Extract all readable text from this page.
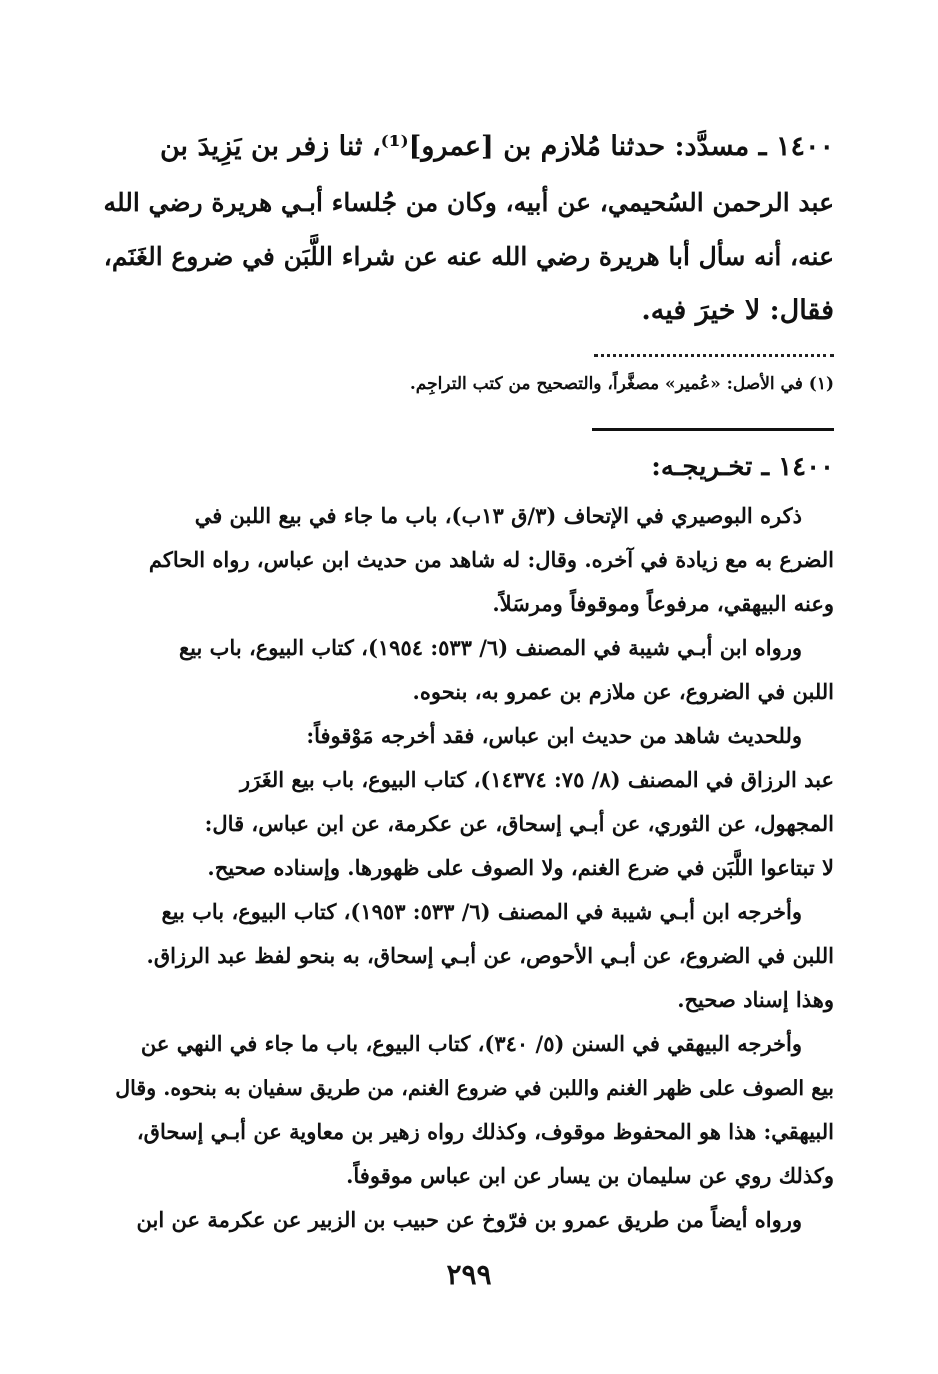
١٤٠٠ ـ مسدَّد: حدثنا مُلازم بن [عمرو]⁽¹⁾، ثنا زفر بن يَزِيدَ بن
عبد الرحمن السُحيمي، عن أبيه، وكان من جُلساء أبـي هريرة رضي الله
عنه، أنه سأل أبا هريرة رضي الله عنه عن شراء اللَّبَن في ضروع الغَنَم،
فقال: لا خيرَ فيه.
(١) في الأصل: «عُمير» مصغَّراً، والتصحيح من كتب التراجِم.
١٤٠٠ ـ تخـريجـه:
ذكره البوصيري في الإتحاف (٣/ق ١٣ب)، باب ما جاء في بيع اللبن في
الضرع به مع زيادة في آخره. وقال: له شاهد من حديث ابن عباس، رواه الحاكم
وعنه البيهقي، مرفوعاً وموقوفاً ومرسَلاً.
ورواه ابن أبـي شيبة في المصنف (٦/ ٥٣٣: ١٩٥٤)، كتاب البيوع، باب بيع
اللبن في الضروع، عن ملازم بن عمرو به، بنحوه.
وللحديث شاهد من حديث ابن عباس، فقد أخرجه مَوْقوفاً:
عبد الرزاق في المصنف (٨/ ٧٥: ١٤٣٧٤)، كتاب البيوع، باب بيع الغَرَر
المجهول، عن الثوري، عن أبـي إسحاق، عن عكرمة، عن ابن عباس، قال:
لا تبتاعوا اللَّبَن في ضرع الغنم، ولا الصوف على ظهورها. وإسناده صحيح.
وأخرجه ابن أبـي شيبة في المصنف (٦/ ٥٣٣: ١٩٥٣)، كتاب البيوع، باب بيع
اللبن في الضروع، عن أبـي الأحوص، عن أبـي إسحاق، به بنحو لفظ عبد الرزاق.
وهذا إسناد صحيح.
وأخرجه البيهقي في السنن (٥/ ٣٤٠)، كتاب البيوع، باب ما جاء في النهي عن
بيع الصوف على ظهر الغنم واللبن في ضروع الغنم، من طريق سفيان به بنحوه. وقال
البيهقي: هذا هو المحفوظ موقوف، وكذلك رواه زهير بن معاوية عن أبـي إسحاق،
وكذلك روي عن سليمان بن يسار عن ابن عباس موقوفاً.
ورواه أيضاً من طريق عمرو بن فرّوخ عن حبيب بن الزبير عن عكرمة عن ابن
٢٩٩
